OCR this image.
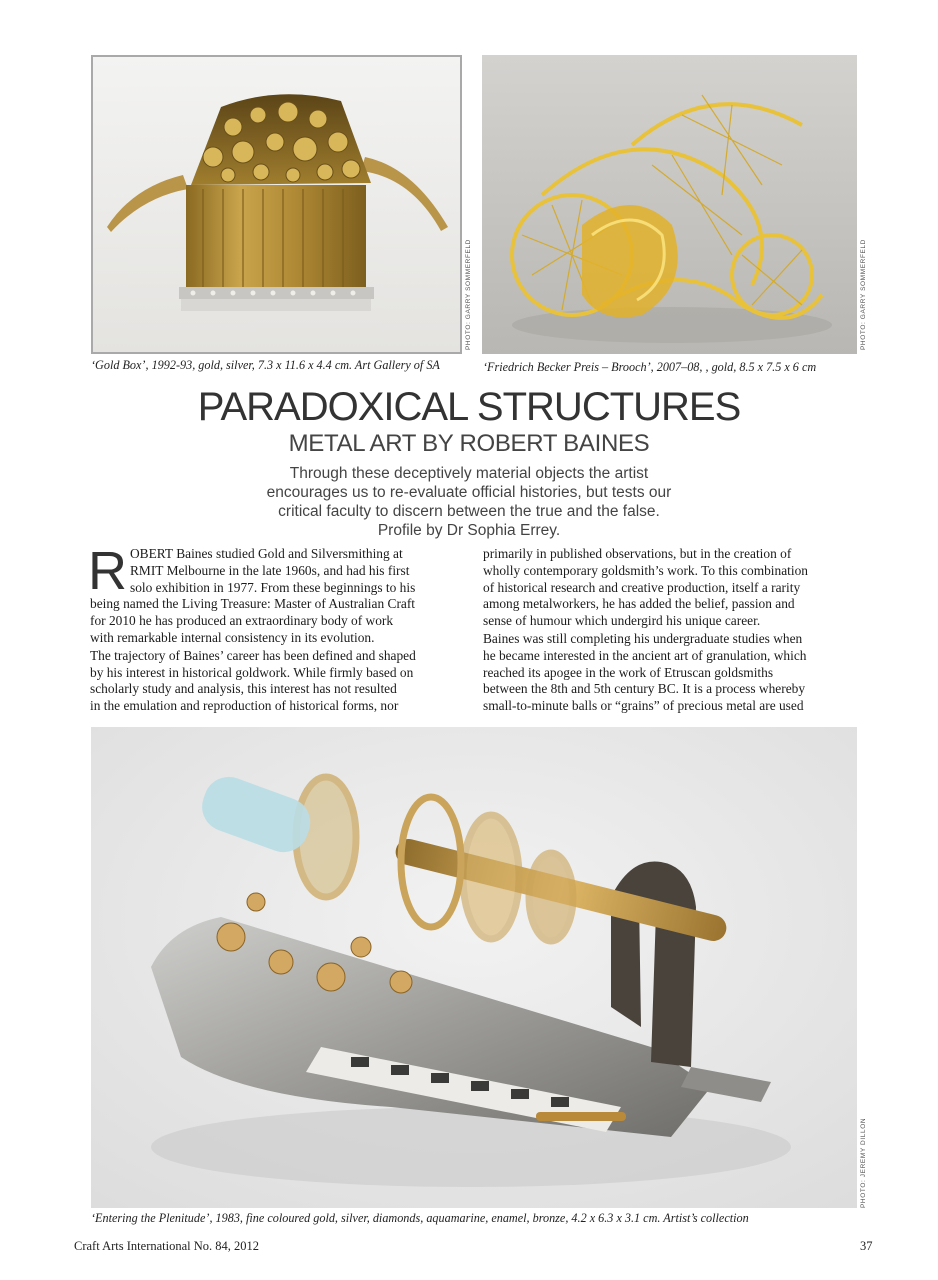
PHOTO: GARRY SOMMERFELD	PHOTO: GARRY SOMMERFELD
‘Gold Box’, 1992-93, gold, silver, 7.3 x 11.6 x 4.4 cm. Art Gallery of SA	‘Friedrich Becker Preis – Brooch’, 2007–08, , gold, 8.5 x 7.5 x 6 cm
PARADOXICAL STRUCTURES
METAL ART BY ROBERT BAINES
Through these deceptively material objects the artist
encourages us to re-evaluate official histories, but tests our
critical faculty to discern between the true and the false.
Profile by Dr Sophia Errey.

R OBERT Baines studied Gold and Silversmithing at
RMIT Melbourne in the late 1960s, and had his first
solo exhibition in 1977. From these beginnings to his
being named the Living Treasure: Master of Australian Craft
for 2010 he has produced an extraordinary body of work
with remarkable internal consistency in its evolution.

The trajectory of Baines’ career has been defined and shaped
by his interest in historical goldwork. While firmly based on
scholarly study and analysis, this interest has not resulted
in the emulation and reproduction of historical forms, nor

primarily in published observations, but in the creation of
wholly contemporary goldsmith’s work. To this combination
of historical research and creative production, itself a rarity
among metalworkers, he has added the belief, passion and
sense of humour which undergird his unique career.

Baines was still completing his undergraduate studies when
he became interested in the ancient art of granulation, which
reached its apogee in the work of Etruscan goldsmiths
between the 8th and 5th century BC. It is a process whereby
small-to-minute balls or “grains” of precious metal are used

PHOTO: JEREMY DILLON
‘Entering the Plenitude’, 1983, fine coloured gold, silver, diamonds, aquamarine, enamel, bronze, 4.2 x 6.3 x 3.1 cm. Artist’s collection
Craft Arts International No. 84, 2012	37
